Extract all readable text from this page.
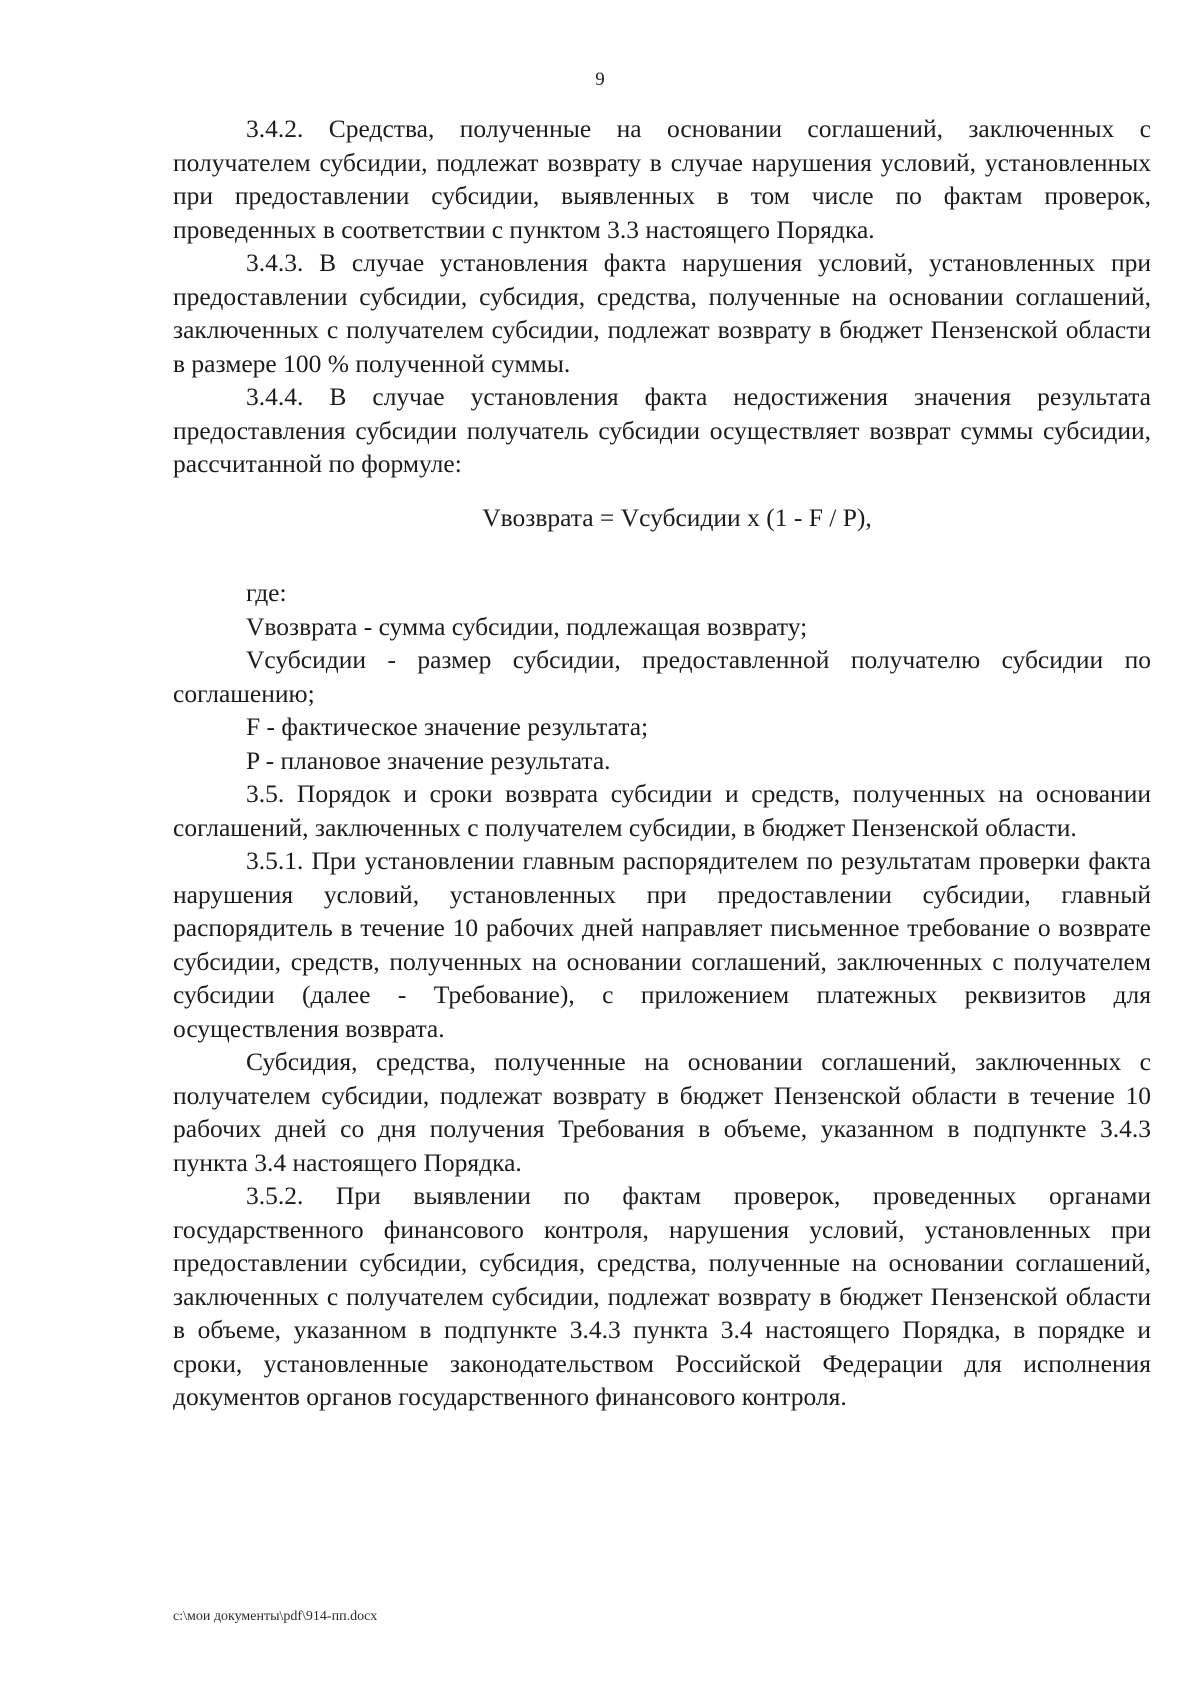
9

3.4.2. Средства, полученные на основании соглашений, заключенных с получателем субсидии, подлежат возврату в случае нарушения условий, установленных при предоставлении субсидии, выявленных в том числе по фактам проверок, проведенных в соответствии с пунктом 3.3 настоящего Порядка.

3.4.3. В случае установления факта нарушения условий, установленных при предоставлении субсидии, субсидия, средства, полученные на основании соглашений, заключенных с получателем субсидии, подлежат возврату в бюджет Пензенской области в размере 100 % полученной суммы.

3.4.4. В случае установления факта недостижения значения результата предоставления субсидии получатель субсидии осуществляет возврат суммы субсидии, рассчитанной по формуле:

Vвозврата = Vсубсидии x (1 - F / P),

где:

Vвозврата - сумма субсидии, подлежащая возврату;

Vсубсидии - размер субсидии, предоставленной получателю субсидии по соглашению;

F - фактическое значение результата;

P - плановое значение результата.

3.5. Порядок и сроки возврата субсидии и средств, полученных на основании соглашений, заключенных с получателем субсидии, в бюджет Пензенской области.

3.5.1. При установлении главным распорядителем по результатам проверки факта нарушения условий, установленных при предоставлении субсидии, главный распорядитель в течение 10 рабочих дней направляет письменное требование о возврате субсидии, средств, полученных на основании соглашений, заключенных с получателем субсидии (далее - Требование), с приложением платежных реквизитов для осуществления возврата.

Субсидия, средства, полученные на основании соглашений, заключенных с получателем субсидии, подлежат возврату в бюджет Пензенской области в течение 10 рабочих дней со дня получения Требования в объеме, указанном в подпункте 3.4.3 пункта 3.4 настоящего Порядка.

3.5.2. При выявлении по фактам проверок, проведенных органами государственного финансового контроля, нарушения условий, установленных при предоставлении субсидии, субсидия, средства, полученные на основании соглашений, заключенных с получателем субсидии, подлежат возврату в бюджет Пензенской области в объеме, указанном в подпункте 3.4.3 пункта 3.4 настоящего Порядка, в порядке и сроки, установленные законодательством Российской Федерации для исполнения документов органов государственного финансового контроля.

c:\мои документы\pdf\914-пп.docx
